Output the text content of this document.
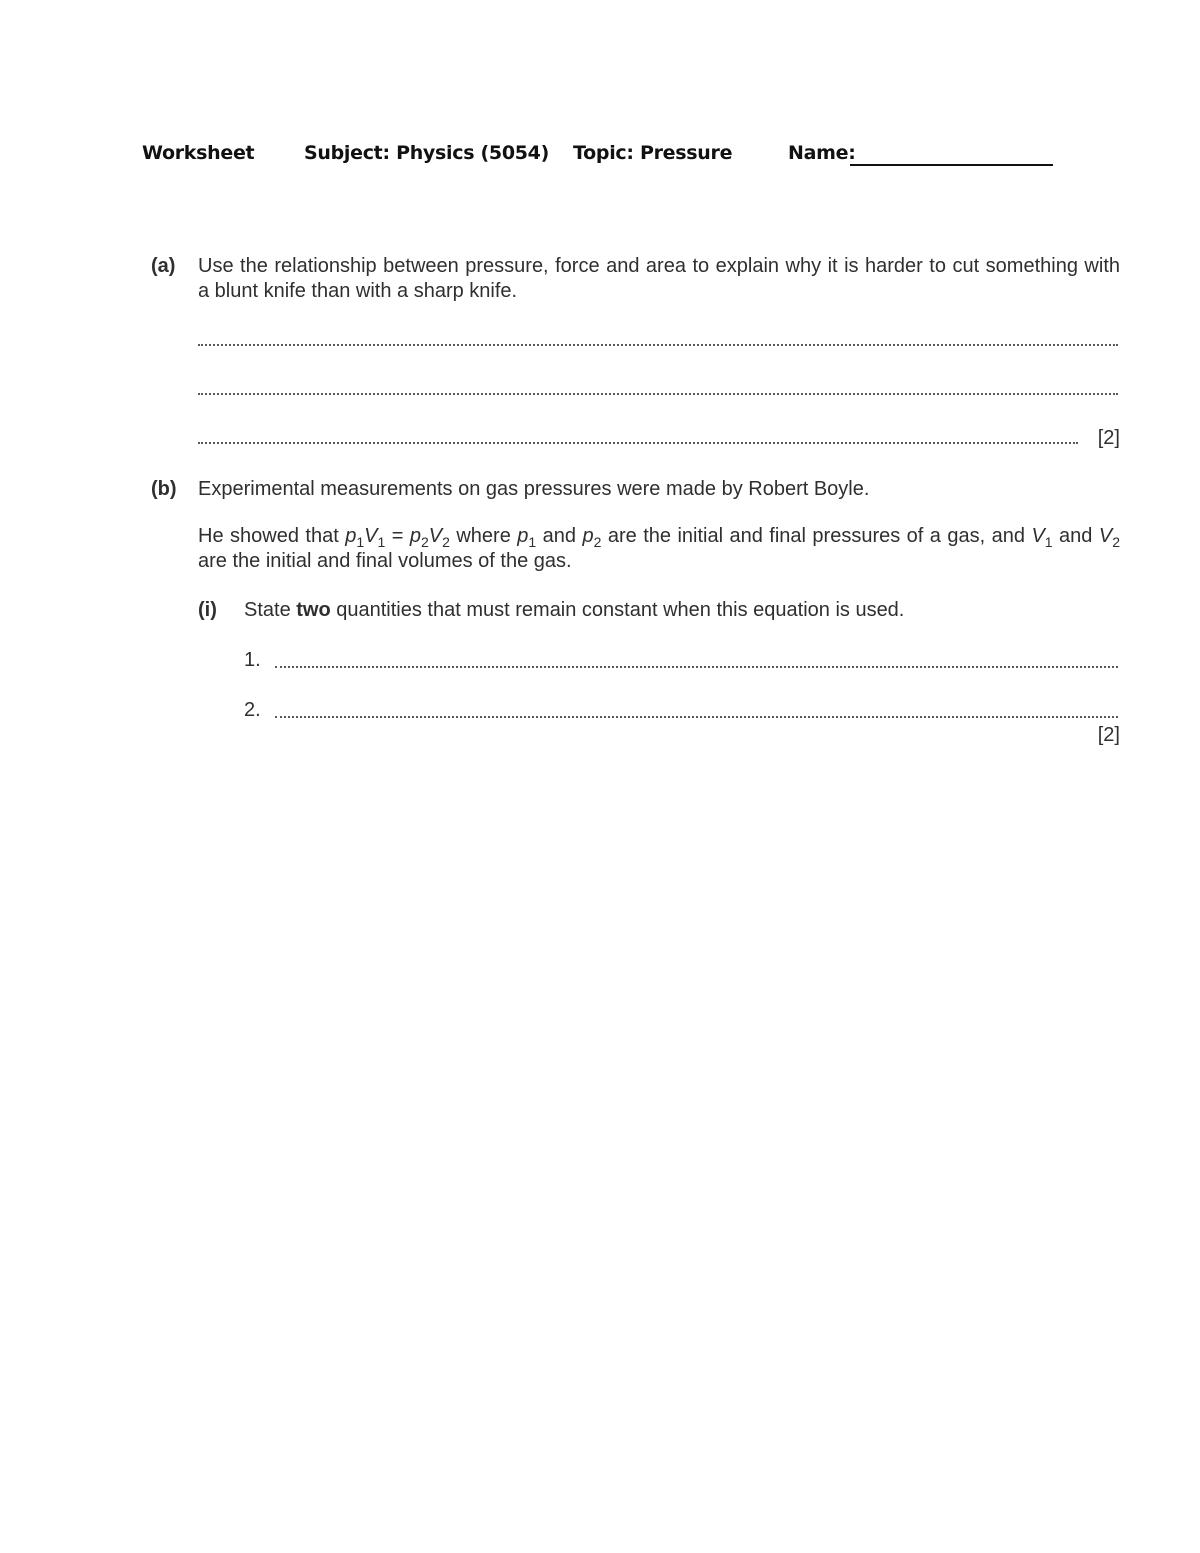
Worksheet	Subject: Physics (5054) Topic: Pressure	Name:
(a) Use the relationship between pressure, force and area to explain why it is harder to cut something with a blunt knife than with a sharp knife.
[2]
(b) Experimental measurements on gas pressures were made by Robert Boyle.
He showed that $p_1V_1 = p_2V_2$ where $p_1$ and $p_2$ are the initial and final pressures of a gas, and $V_1$ and $V_2$ are the initial and final volumes of the gas.
(i) State two quantities that must remain constant when this equation is used.
1.
2.
[2]
